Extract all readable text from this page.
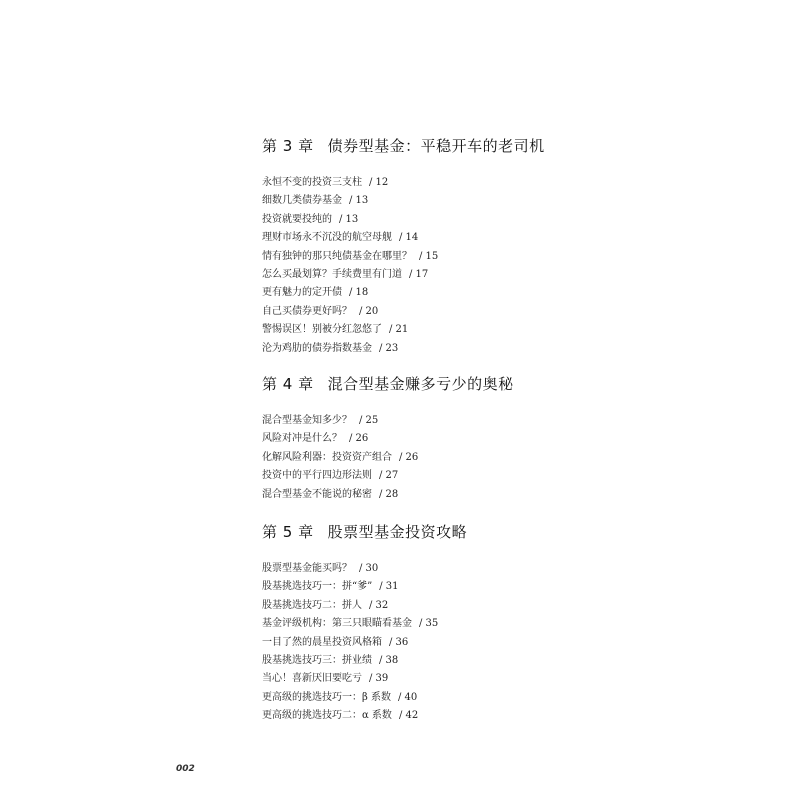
第 3 章 债券型基金：平稳开车的老司机
永恒不变的投资三支柱 / 12
细数几类债券基金 / 13
投资就要投纯的 / 13
理财市场永不沉没的航空母舰 / 14
情有独钟的那只纯债基金在哪里？ / 15
怎么买最划算？手续费里有门道 / 17
更有魅力的定开债 / 18
自己买债券更好吗？ / 20
警惕误区！别被分红忽悠了 / 21
沦为鸡肋的债券指数基金 / 23
第 4 章 混合型基金赚多亏少的奥秘
混合型基金知多少？ / 25
风险对冲是什么？ / 26
化解风险利器：投资资产组合 / 26
投资中的平行四边形法则 / 27
混合型基金不能说的秘密 / 28
第 5 章 股票型基金投资攻略
股票型基金能买吗？ / 30
股基挑选技巧一：拼“爹” / 31
股基挑选技巧二：拼人 / 32
基金评级机构：第三只眼瞄看基金 / 35
一目了然的晨星投资风格箱 / 36
股基挑选技巧三：拼业绩 / 38
当心！喜新厌旧要吃亏 / 39
更高级的挑选技巧一：β 系数 / 40
更高级的挑选技巧二：α 系数 / 42
002
